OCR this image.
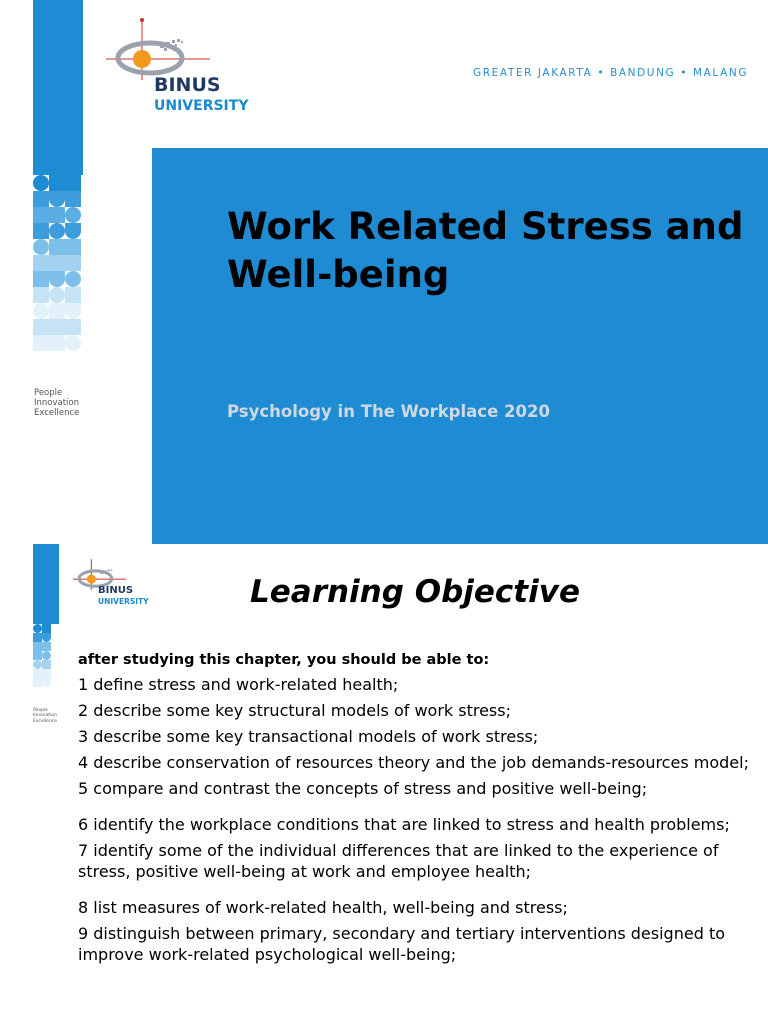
BINUS
UNIVERSITY
GREATER JAKARTA • BANDUNG • MALANG
People
Innovation
Excellence
Work Related Stress and Well-being
Psychology in The Workplace 2020
BINUS
UNIVERSITY
People
Innovation
Excellence
Learning Objective
after studying this chapter, you should be able to:
1 define stress and work-related health;
2 describe some key structural models of work stress;
3 describe some key transactional models of work stress;
4 describe conservation of resources theory and the job demands-resources model;
5 compare and contrast the concepts of stress and positive well-being;
6 identify the workplace conditions that are linked to stress and health problems;
7 identify some of the individual differences that are linked to the experience of stress, positive well-being at work and employee health;
8 list measures of work-related health, well-being and stress;
9 distinguish between primary, secondary and tertiary interventions designed to improve work-related psychological well-being;
